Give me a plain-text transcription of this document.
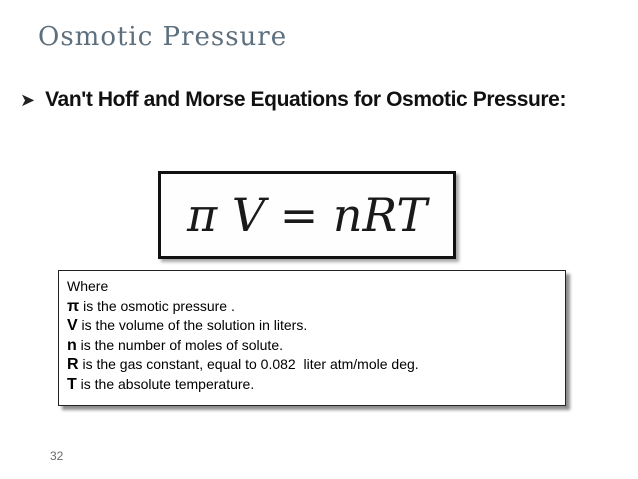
Osmotic Pressure
➤ Van't Hoff and Morse Equations for Osmotic Pressure:
π V = nRT
Where
π is the osmotic pressure .
V is the volume of the solution in liters.
n is the number of moles of solute.
R is the gas constant, equal to 0.082  liter atm/mole deg.
T is the absolute temperature.
32
